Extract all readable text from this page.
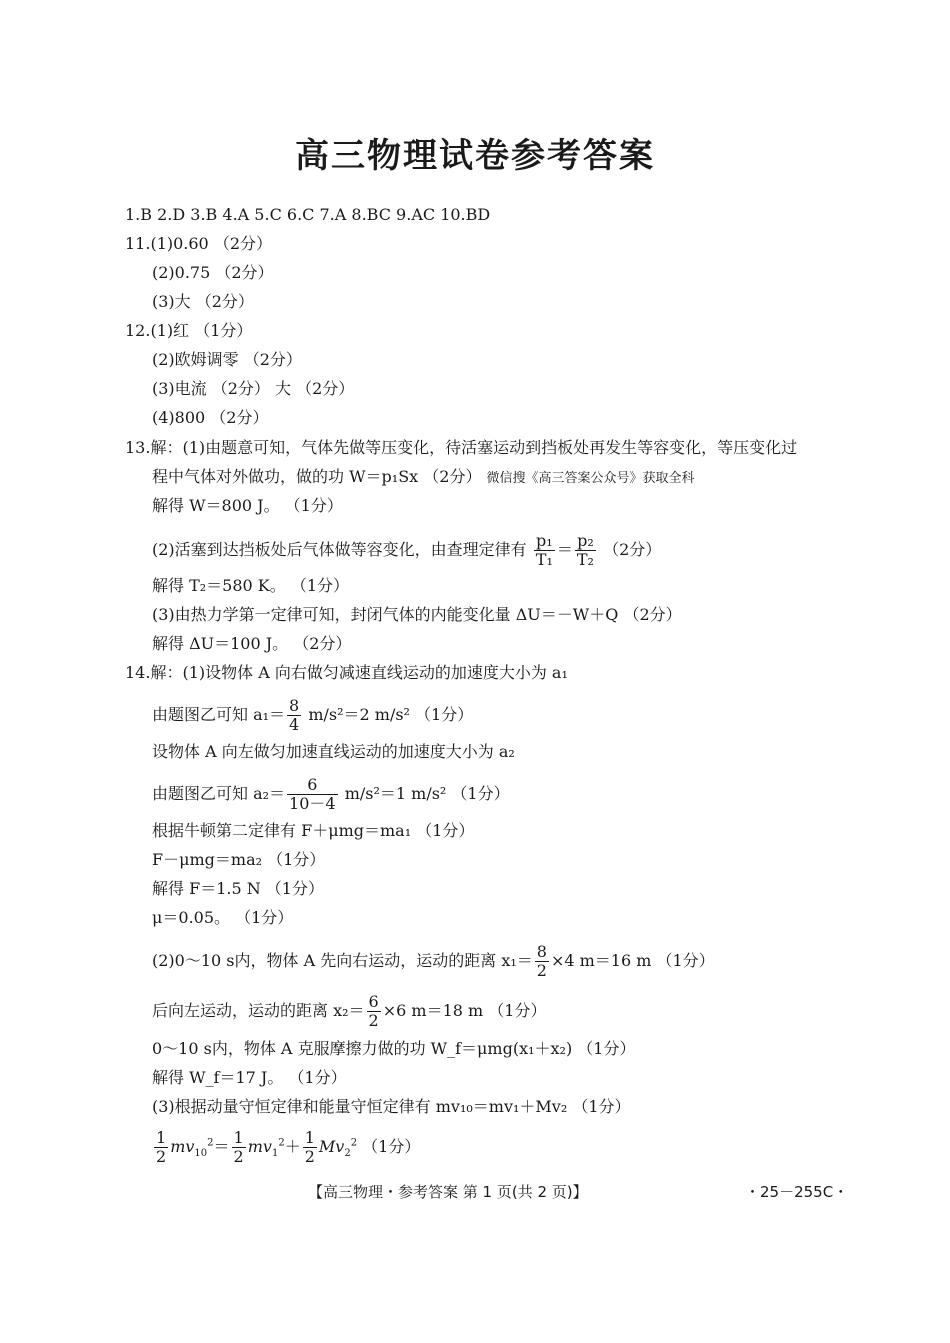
高三物理试卷参考答案
1.B 2.D 3.B 4.A 5.C 6.C 7.A 8.BC 9.AC 10.BD
11.(1)0.60 （2分）
(2)0.75 （2分）
(3)大 （2分）
12.(1)红 （1分）
(2)欧姆调零 （2分）
(3)电流 （2分） 大 （2分）
(4)800 （2分）
13.解：(1)由题意可知，气体先做等压变化，待活塞运动到挡板处再发生等容变化，等压变化过
程中气体对外做功，做的功 W＝p₁Sx （2分） 微信搜《高三答案公众号》获取全科
解得 W＝800 J。 （1分）
(2)活塞到达挡板处后气体做等容变化，由查理定律有 $\frac{\text{p₁}}{\text{T₁}} = \frac{\text{p₂}}{\text{T₂}} (2$分）
解得 T₂＝580 K。 （1分）
(3)由热力学第一定律可知，封闭气体的内能变化量 ΔU＝－W＋Q （2分）
解得 ΔU＝100 J。 （2分）
14.解：(1)设物体 A 向右做匀减速直线运动的加速度大小为 a₁
由题图乙可知 $a_1= \frac{8}{4} m/s^2=2$ m/s² （1分）
设物体 A 向左做匀加速直线运动的加速度大小为 a₂
由题图乙可知 $a_2= \frac{6}{10-4} m/s^2=1$ m/s² （1分）
根据牛顿第二定律有 F＋μmg＝ma₁ （1分）
F－μmg＝ma₂ （1分）
解得 F＝1.5 N （1分）
μ＝0.05。 （1分）
(2)0～10 s内，物体 A 先向右运动，运动的距离 $x_1= \frac{8}{2} \times 4$ m＝16 m （1分）
后向左运动，运动的距离 $x_2= \frac{6}{2} \times 6$ m＝18 m （1分）
0～10 s内，物体 A 克服摩擦力做的功 W_f＝μmg(x₁＋x₂) （1分）
解得 W_f＝17 J。 （1分）
(3)根据动量守恒定律和能量守恒定律有 mv₁₀＝mv₁＋Mv₂ （1分）
$\frac{1}{2} mv_{10}^2= \frac{1}{2} mv_1^2+ \frac{1}{2} Mv_2^2$ （1分）
【高三物理・参考答案 第 1 页(共 2 页)】	・25－255C・
